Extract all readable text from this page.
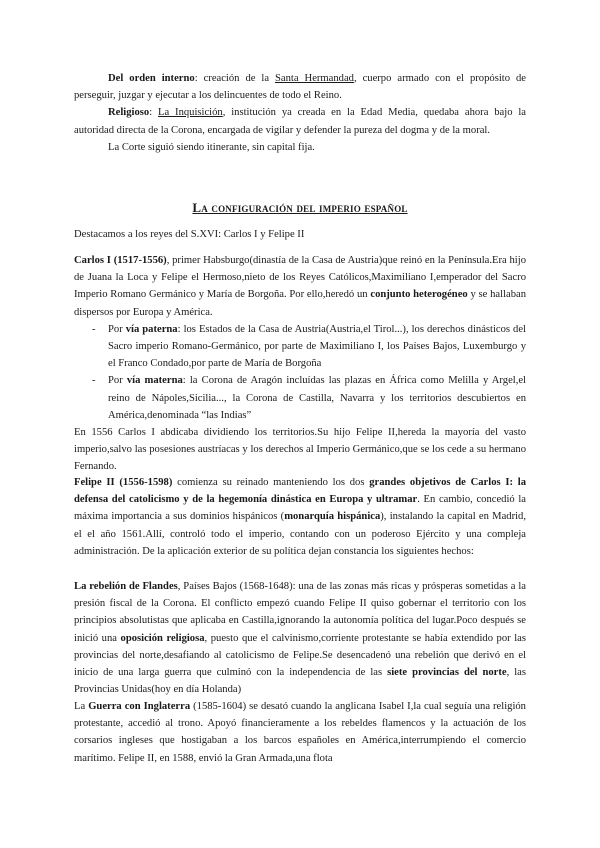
Del orden interno: creación de la Santa Hermandad, cuerpo armado con el propósito de perseguir, juzgar y ejecutar a los delincuentes de todo el Reino.

Religioso: La Inquisición, institución ya creada en la Edad Media, quedaba ahora bajo la autoridad directa de la Corona, encargada de vigilar y defender la pureza del dogma y de la moral.

La Corte siguió siendo itinerante, sin capital fija.

La configuración del imperio español

Destacamos a los reyes del S.XVI: Carlos I y Felipe II

Carlos I (1517-1556), primer Habsburgo(dinastía de la Casa de Austria)que reinó en la Península.Era hijo de Juana la Loca y Felipe el Hermoso,nieto de los Reyes Católicos,Maximiliano I,emperador del Sacro Imperio Romano Germánico y María de Borgoña. Por ello,heredó un conjunto heterogéneo y se hallaban dispersos por Europa y América.

- Por vía paterna: los Estados de la Casa de Austria(Austria,el Tirol...), los derechos dinásticos del Sacro imperio Romano-Germánico, por parte de Maximiliano I, los Países Bajos, Luxemburgo y el Franco Condado,por parte de María de Borgoña

- Por vía materna: la Corona de Aragón incluídas las plazas en África como Melilla y Argel,el reino de Nápoles,Sicilia..., la Corona de Castilla, Navarra y los territorios descubiertos en América,denominada “las Indias”

En 1556 Carlos I abdicaba dividiendo los territorios.Su hijo Felipe II,hereda la mayoría del vasto imperio,salvo las posesiones austríacas y los derechos al Imperio Germánico,que se los cede a su hermano Fernando.

Felipe II (1556-1598) comienza su reinado manteniendo los dos grandes objetivos de Carlos I: la defensa del catolicismo y de la hegemonía dinástica en Europa y ultramar. En cambio, concedió la máxima importancia a sus dominios hispánicos (monarquía hispánica), instalando la capital en Madrid, el el año 1561.Allí, controló todo el imperio, contando con un poderoso Ejército y una compleja administración. De la aplicación exterior de su política dejan constancia los siguientes hechos:

La rebelión de Flandes, Países Bajos (1568-1648): una de las zonas más ricas y prósperas sometidas a la presión fiscal de la Corona. El conflicto empezó cuando Felipe II quiso gobernar el territorio con los principios absolutistas que aplicaba en Castilla,ignorando la autonomía política del lugar.Poco después se inició una oposición religiosa, puesto que el calvinismo,corriente protestante se había extendido por las provincias del norte,desafiando al catolicismo de Felipe.Se desencadenó una rebelión que derivó en el inicio de una larga guerra que culminó con la independencia de las siete provincias del norte, las Provincias Unidas(hoy en día Holanda)

La Guerra con Inglaterra (1585-1604) se desató cuando la anglicana Isabel I,la cual seguía una religión protestante, accedió al trono. Apoyó financieramente a los rebeldes flamencos y la actuación de los corsarios ingleses que hostigaban a los barcos españoles en América,interrumpiendo el comercio marítimo. Felipe II, en 1588, envió la Gran Armada,una flota
